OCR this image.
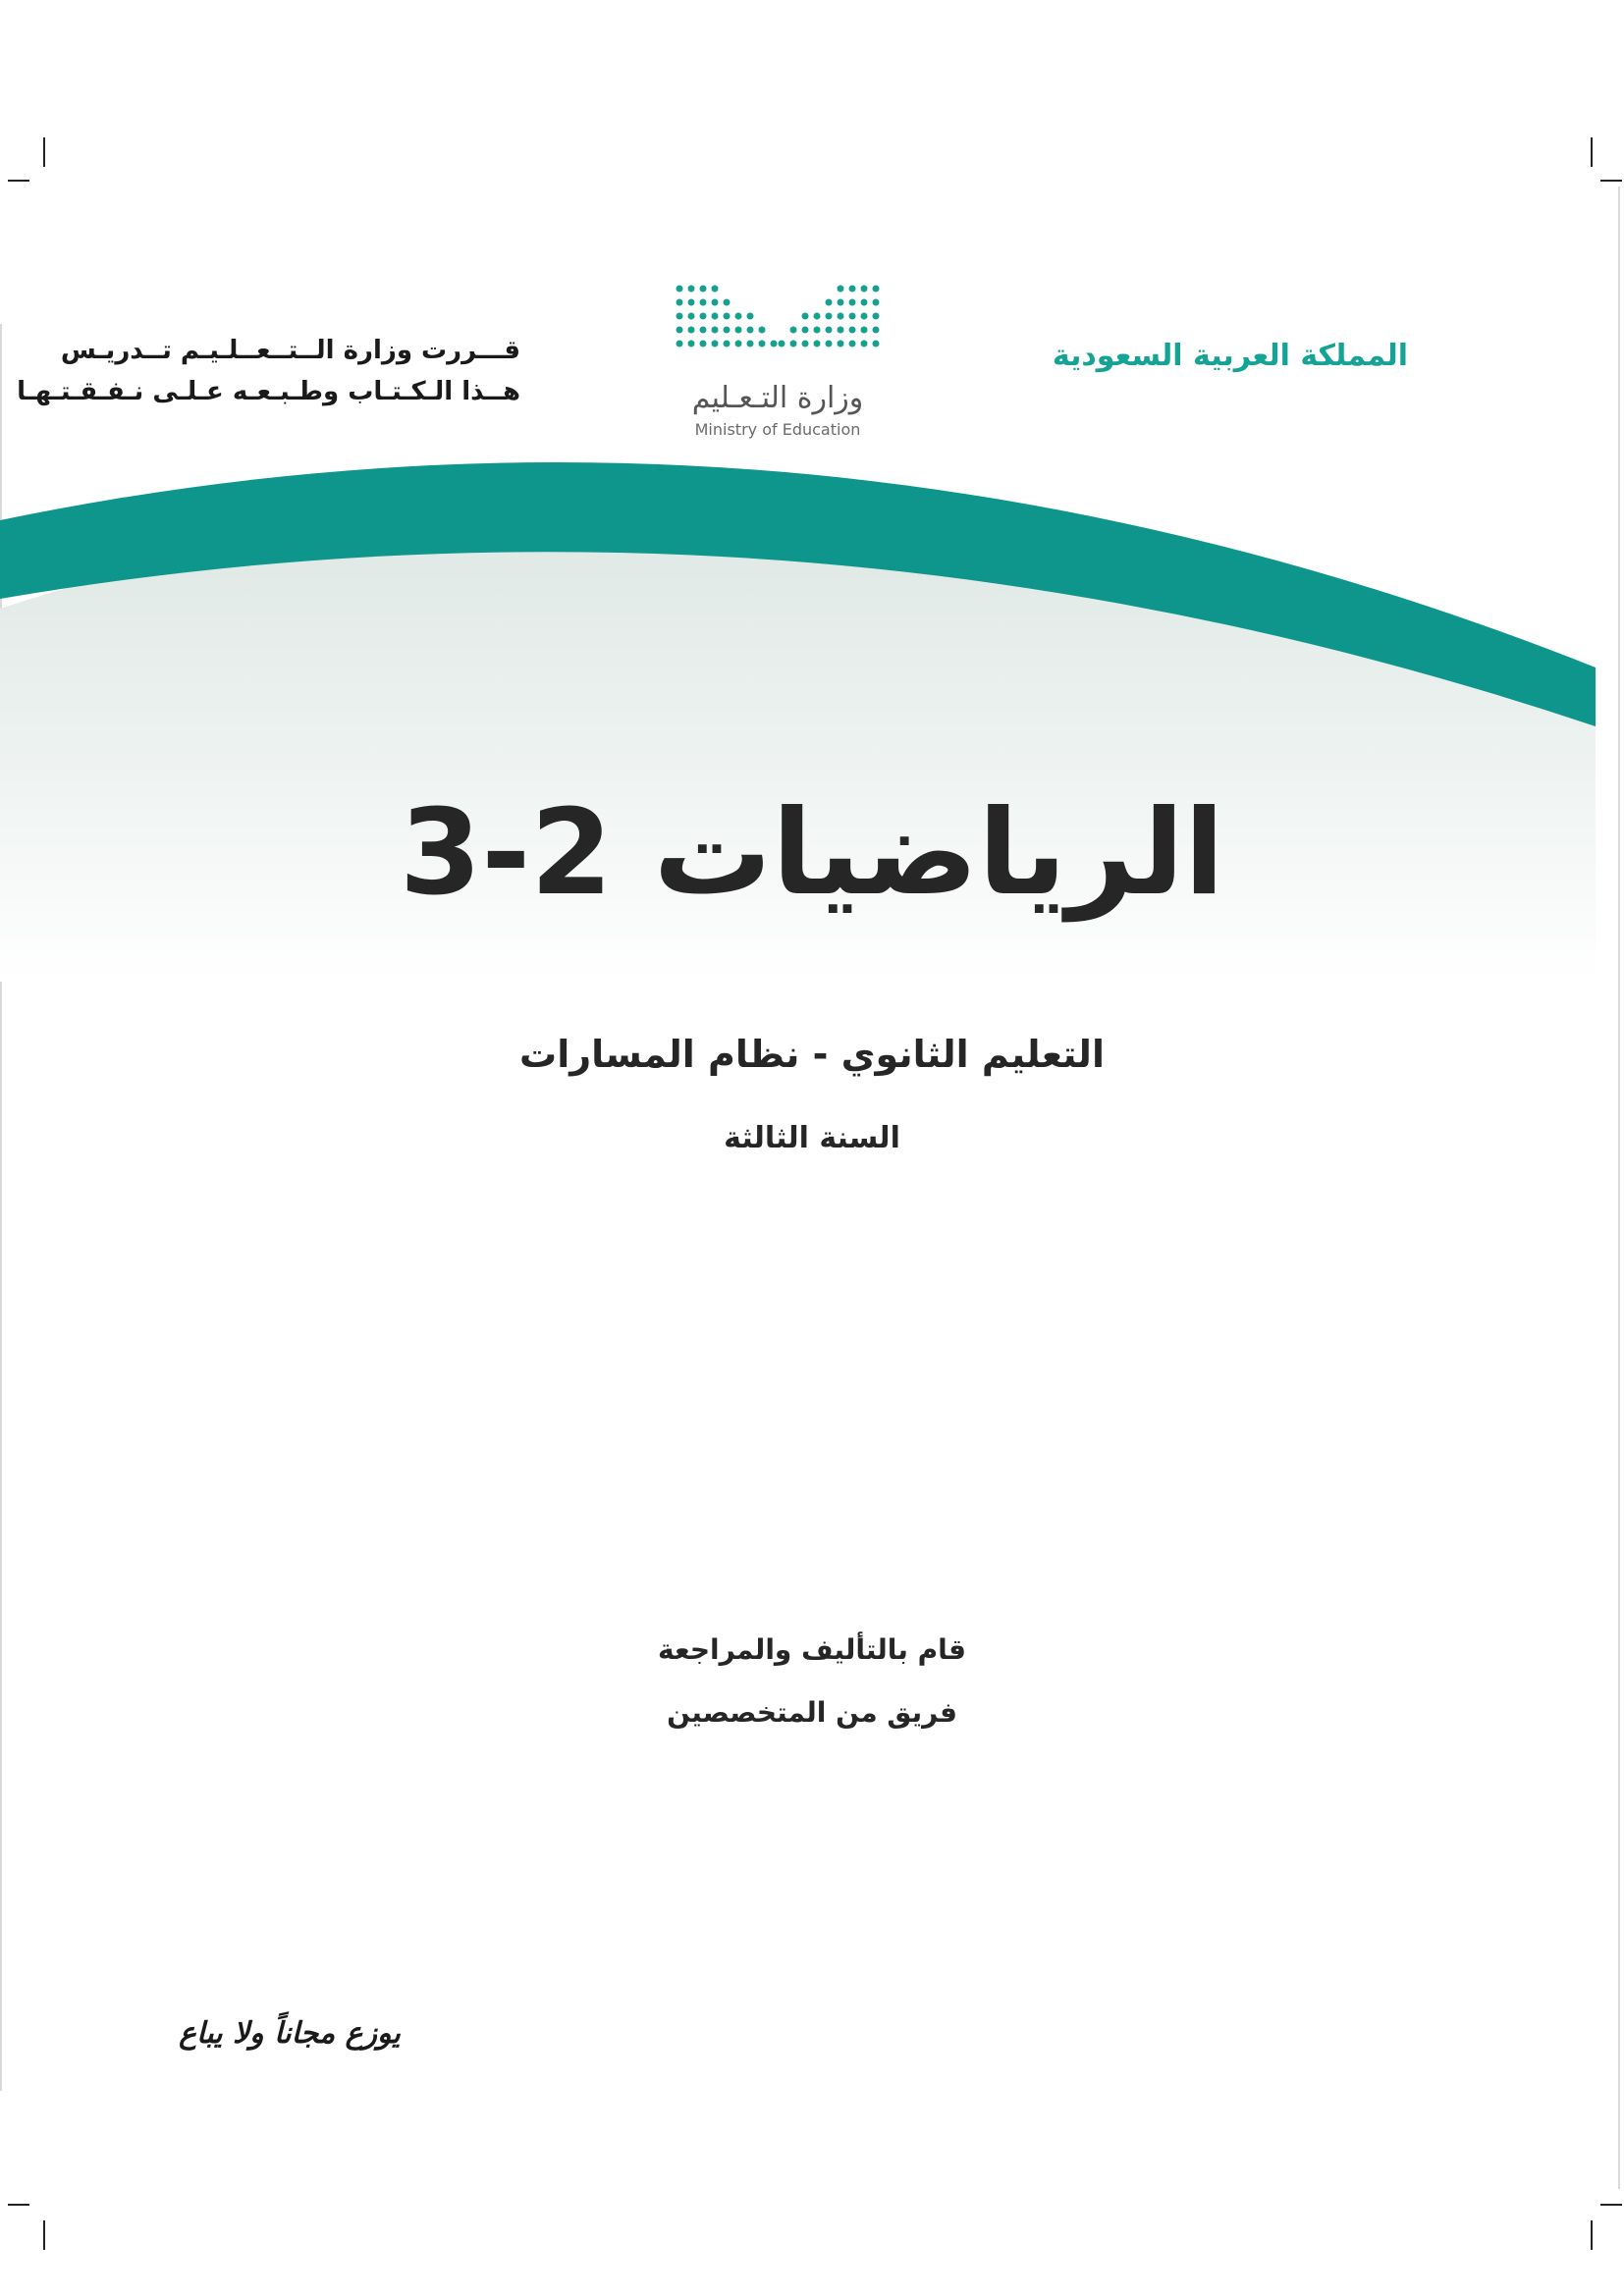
المملكة العربية السعودية
قـــررت وزارة الــتــعــلـيـم تــدريـس
هــذا الـكـتـاب وطـبـعـه عـلـى نـفـقـتـهـا	وزارة التـعـليم
Ministry of Education
الرياضيات 2-3
التعليم الثانوي - نظام المسارات
السنة الثالثة
قام بالتأليف والمراجعة
فريق من المتخصصين
يوزع مجاناً ولا يباع
